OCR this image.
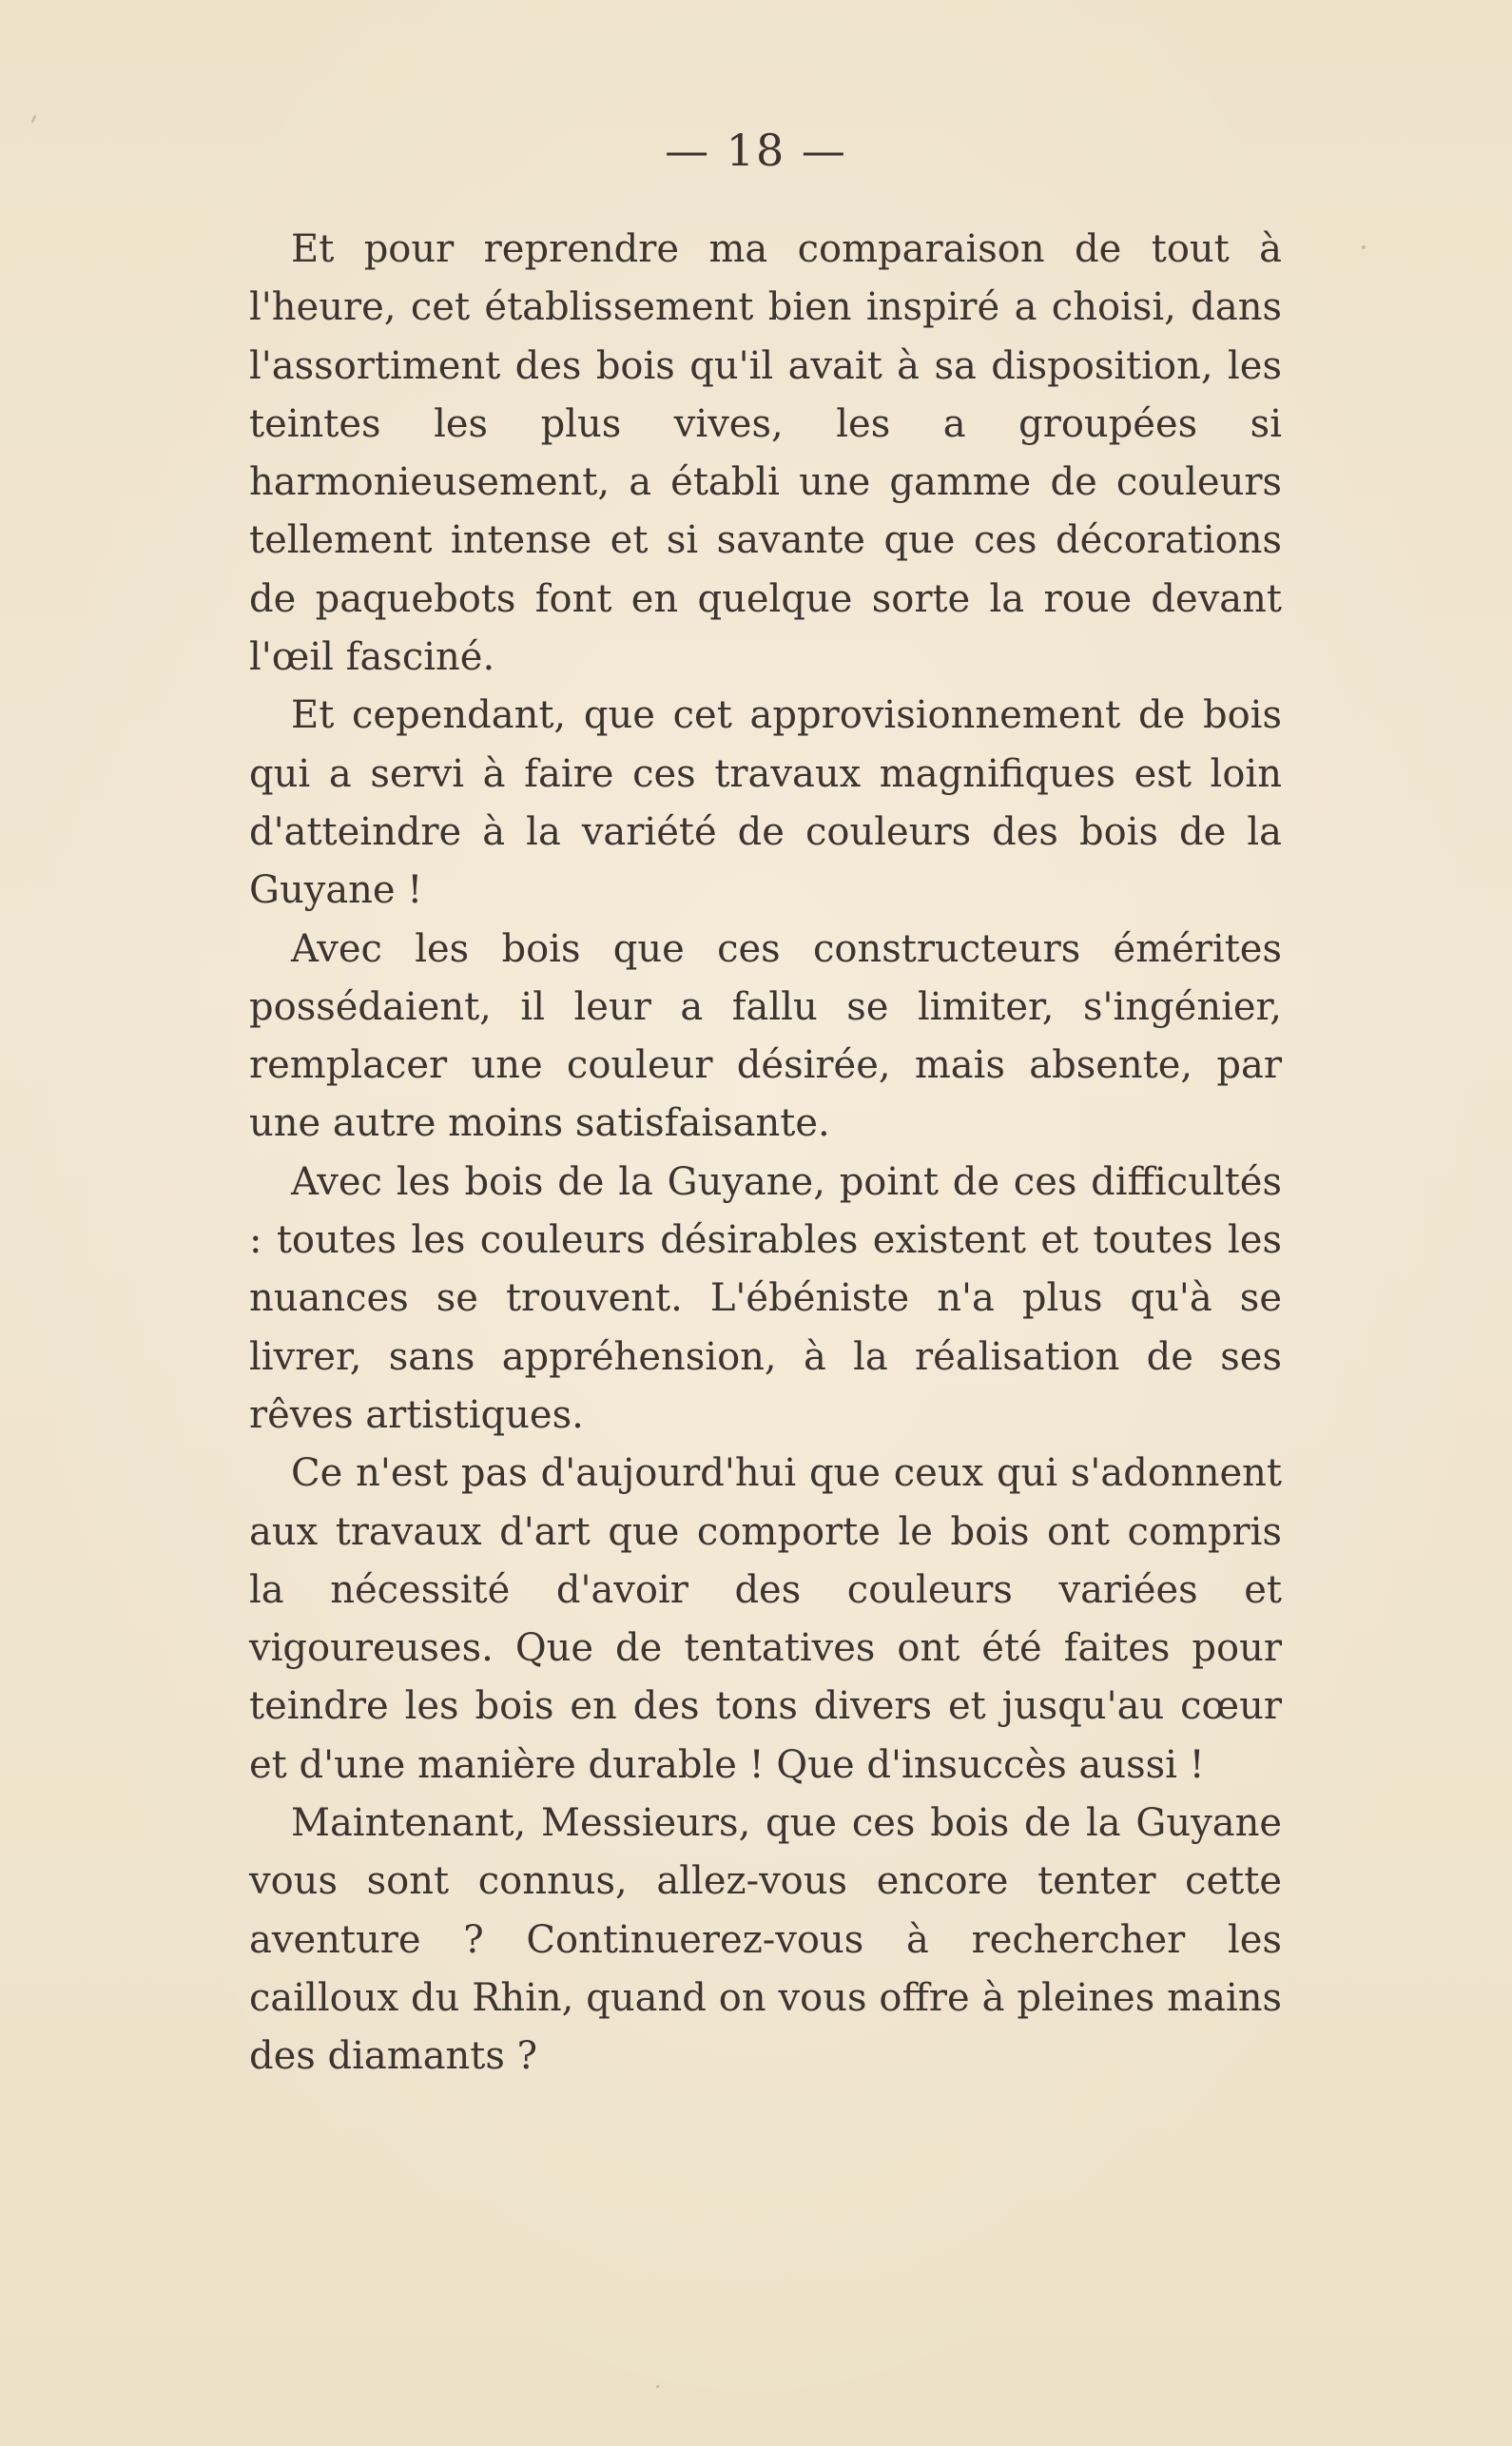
— 18 —

Et pour reprendre ma comparaison de tout à l'heure, cet établissement bien inspiré a choisi, dans l'assortiment des bois qu'il avait à sa disposition, les teintes les plus vives, les a groupées si harmonieusement, a établi une gamme de couleurs tellement intense et si savante que ces décorations de paquebots font en quelque sorte la roue devant l'œil fasciné.

Et cependant, que cet approvisionnement de bois qui a servi à faire ces travaux magnifiques est loin d'atteindre à la variété de couleurs des bois de la Guyane !

Avec les bois que ces constructeurs émérites possédaient, il leur a fallu se limiter, s'ingénier, remplacer une couleur désirée, mais absente, par une autre moins satisfaisante.

Avec les bois de la Guyane, point de ces difficultés : toutes les couleurs désirables existent et toutes les nuances se trouvent. L'ébéniste n'a plus qu'à se livrer, sans appréhension, à la réalisation de ses rêves artistiques.

Ce n'est pas d'aujourd'hui que ceux qui s'adonnent aux travaux d'art que comporte le bois ont compris la nécessité d'avoir des couleurs variées et vigoureuses. Que de tentatives ont été faites pour teindre les bois en des tons divers et jusqu'au cœur et d'une manière durable ! Que d'insuccès aussi !

Maintenant, Messieurs, que ces bois de la Guyane vous sont connus, allez-vous encore tenter cette aventure ? Continuerez-vous à rechercher les cailloux du Rhin, quand on vous offre à pleines mains des diamants ?
